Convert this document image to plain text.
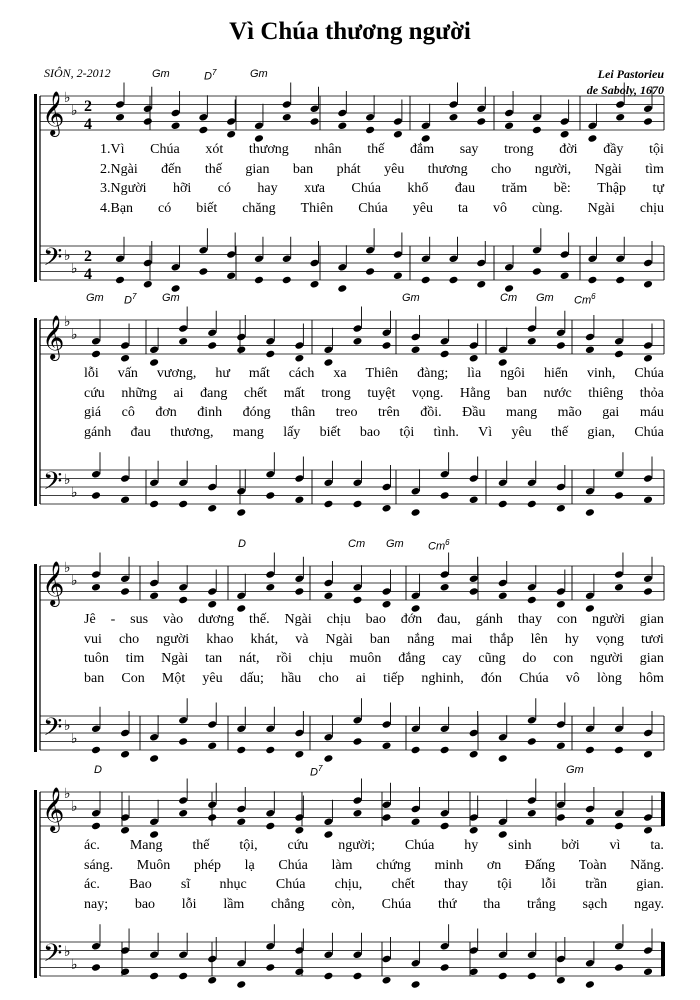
Vì Chúa thương người
SIÔN, 2-2012	Lei Pastorieu
de Saboly, 1670
𝄞
𝄢
♭
♭
♭
♭
2
4
2
4
Gm	$D^7$	Gm
1.Vì Chúa xót thương nhân thế đắm say trong đời đầy tội
2.Ngài đến thế gian ban phát yêu thương cho người, Ngài tìm
3.Người hỡi có hay xưa Chúa khổ đau trăm bề: Thập tự
4.Bạn có biết chăng Thiên Chúa yêu ta vô cùng. Ngài chịu
𝄞
𝄢
♭
♭
♭
♭
Gm $D^7$ Gm	Gm	Cm Gm Cm$^6$
lỗi vấn vương, hư mất cách xa Thiên đàng; lìa ngôi hiển vinh, Chúa
cứu những ai đang chết mất trong tuyệt vọng. Hằng ban nước thiêng thỏa
giá cô đơn đinh đóng thân treo trên đồi. Đầu mang mão gai máu
gánh đau thương, mang lấy biết bao tội tình. Vì yêu thế gian, Chúa
𝄞
𝄢
♭
♭
♭
♭
D	Cm Gm Cm$^6$
Jê - sus vào dương thế. Ngài chịu bao đớn đau, gánh thay con người gian
vui cho người khao khát, và Ngài ban nắng mai thắp lên hy vọng tươi
tuôn tim Ngài tan nát, rồi chịu muôn đắng cay cũng do con người gian
ban Con Một yêu dấu; hầu cho ai tiếp nghinh, đón Chúa vô lòng hôm
𝄞
𝄢
♭
♭
♭
♭
D	$D^7$	Gm
ác. Mang thế tội, cứu người; Chúa hy sinh bởi vì ta.
sáng. Muôn phép lạ Chúa làm chứng minh ơn Đấng Toàn Năng.
ác. Bao sĩ nhục Chúa chịu, chết thay tội lỗi trần gian.
nay; bao lỗi lầm chẳng còn, Chúa thứ tha trắng sạch ngay.
